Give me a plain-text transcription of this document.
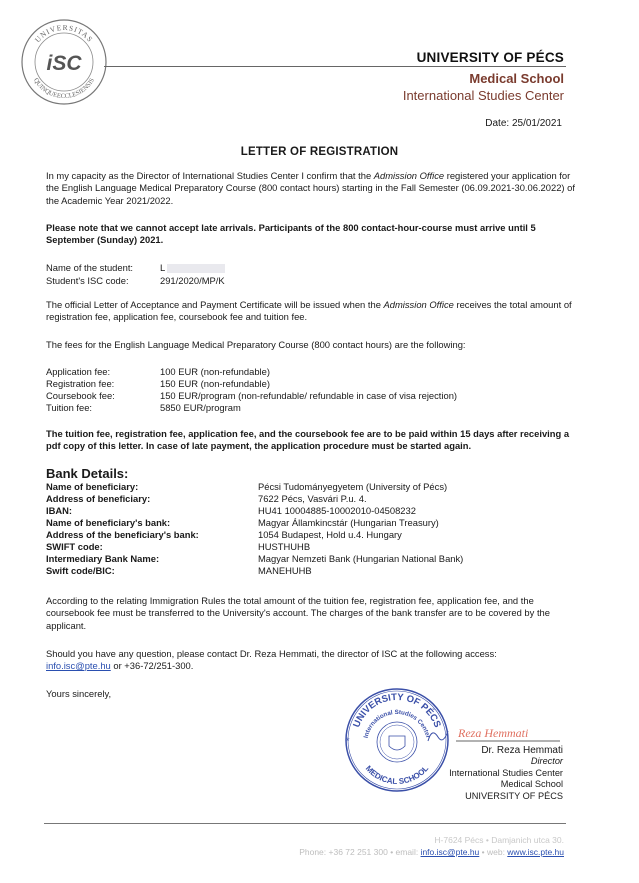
UNIVERSITAS
QUINQUEECCLESIENSIS
iSC	UNIVERSITY OF PÉCS
Medical School
International Studies Center
Date: 25/01/2021
LETTER OF REGISTRATION

In my capacity as the Director of International Studies Center I confirm that the Admission Office registered your application for the English Language Medical Preparatory Course (800 contact hours) starting in the Fall Semester (06.09.2021-30.06.2022) of the Academic Year 2021/2022.

Please note that we cannot accept late arrivals. Participants of the 800 contact-hour-course must arrive until 5 September (Sunday) 2021.

Name of the student:	L
Student's ISC code:	291/2020/MP/K

The official Letter of Acceptance and Payment Certificate will be issued when the Admission Office receives the total amount of registration fee, application fee, coursebook fee and tuition fee.

The fees for the English Language Medical Preparatory Course (800 contact hours) are the following:

Application fee:	100 EUR (non-refundable)
Registration fee:	150 EUR (non-refundable)
Coursebook fee:	150 EUR/program (non-refundable/ refundable in case of visa rejection)
Tuition fee:	5850 EUR/program

The tuition fee, registration fee, application fee, and the coursebook fee are to be paid within 15 days after receiving a pdf copy of this letter. In case of late payment, the application procedure must be started again.

Bank Details:
Name of beneficiary:	Pécsi Tudományegyetem (University of Pécs)
Address of beneficiary:	7622 Pécs, Vasvári P.u. 4.
IBAN:	HU41 10004885-10002010-04508232
Name of beneficiary's bank:	Magyar Államkincstár (Hungarian Treasury)
Address of the beneficiary's bank:	1054 Budapest, Hold u.4. Hungary
SWIFT code:	HUSTHUHB
Intermediary Bank Name:	Magyar Nemzeti Bank (Hungarian National Bank)
Swift code/BIC:	MANEHUHB

According to the relating Immigration Rules the total amount of the tuition fee, registration fee, application fee, and the coursebook fee must be transferred to the University's account. The charges of the bank transfer are to be covered by the applicant.

Should you have any question, please contact Dr. Reza Hemmati, the director of ISC at the following access:
info.isc@pte.hu or +36-72/251-300.

Yours sincerely,

UNIVERSITY OF PÉCS
International Studies Center
MEDICAL SCHOOL
*
Reza Hemmati
Dr. Reza Hemmati
Director
International Studies Center
Medical School
UNIVERSITY OF PÉCS
H-7624 Pécs • Damjanich utca 30.
Phone: +36 72 251 300 • email: info.isc@pte.hu • web: www.isc.pte.hu
